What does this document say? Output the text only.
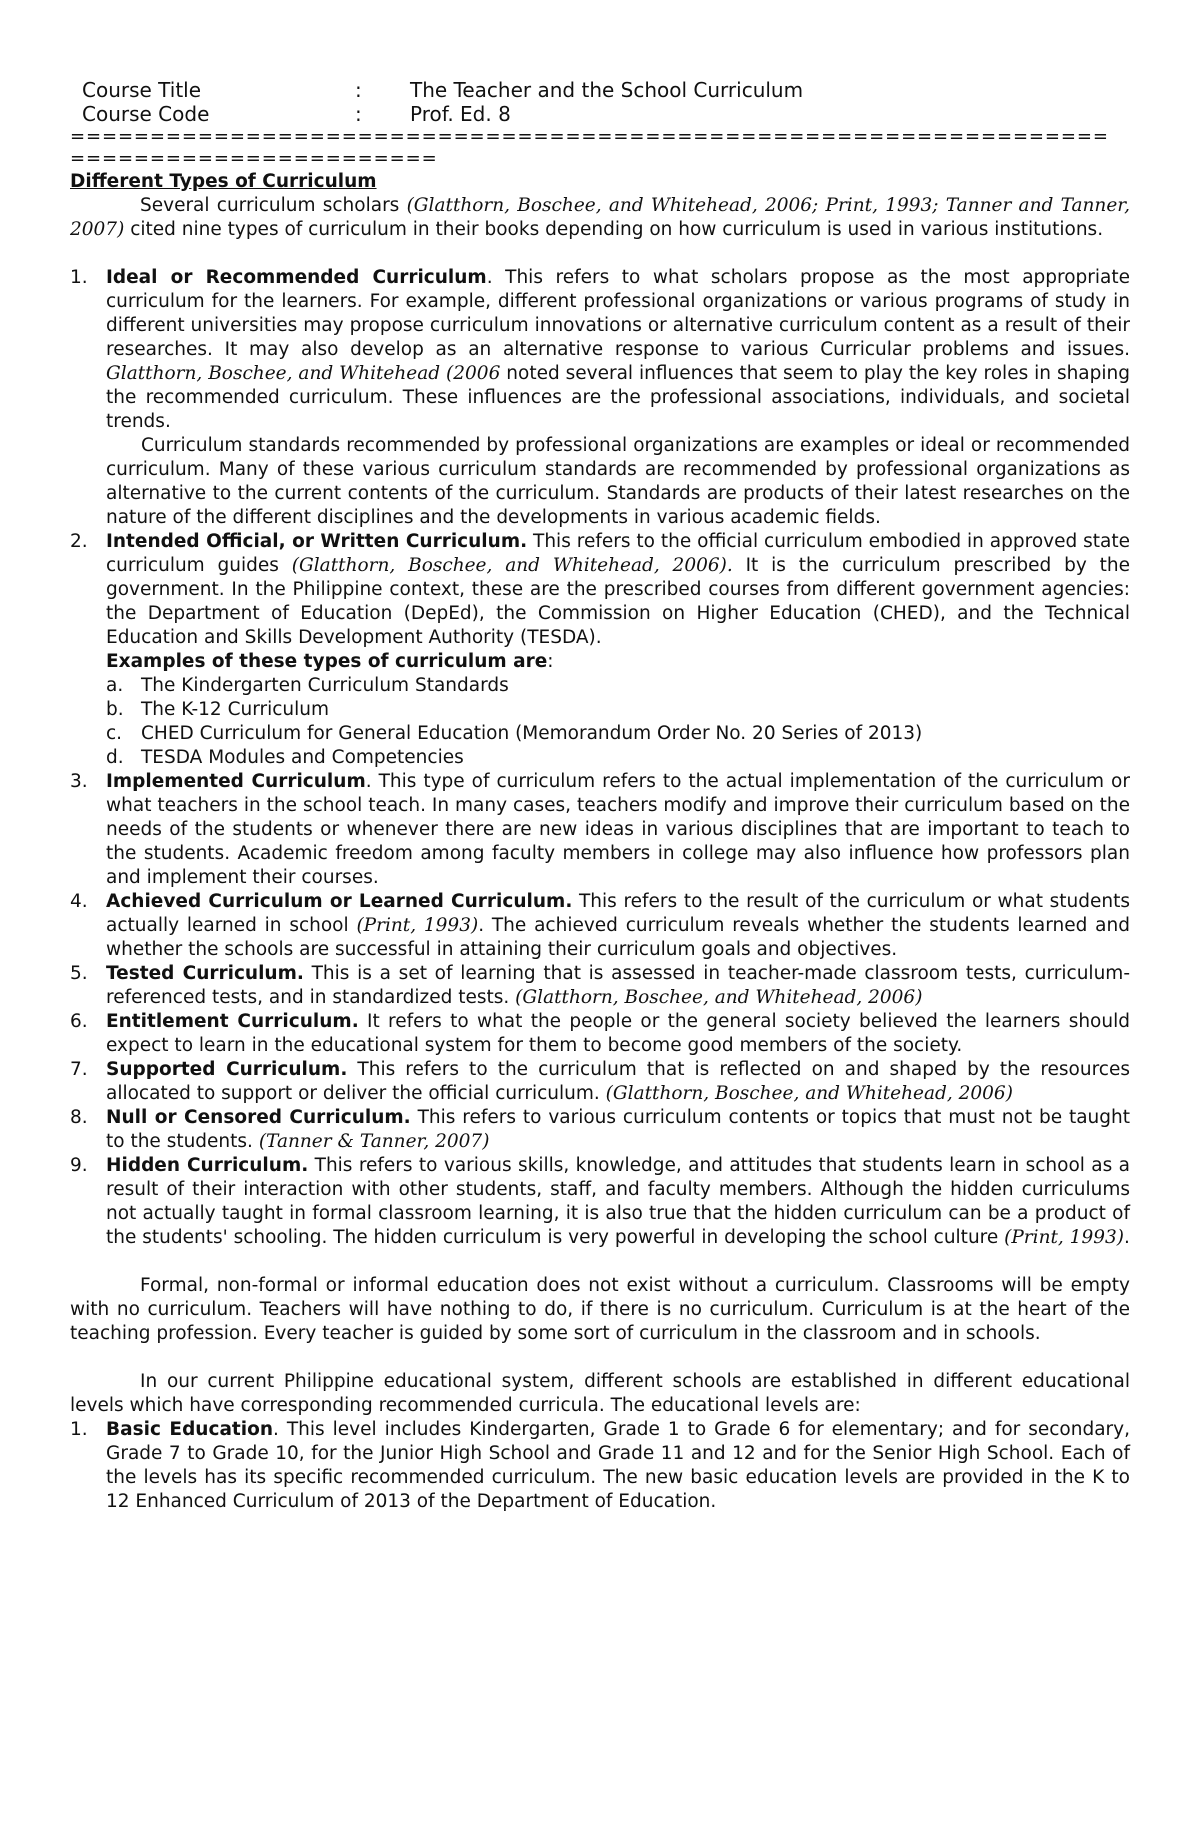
Course Title	:	The Teacher and the School Curriculum
Course Code	:	Prof. Ed. 8
=================================================================
=======================
Different Types of Curriculum
Several curriculum scholars (Glatthorn, Boschee, and Whitehead, 2006; Print, 1993; Tanner and Tanner, 2007) cited nine types of curriculum in their books depending on how curriculum is used in various institutions.
1. Ideal or Recommended Curriculum. This refers to what scholars propose as the most appropriate curriculum for the learners. For example, different professional organizations or various programs of study in different universities may propose curriculum innovations or alternative curriculum content as a result of their researches. It may also develop as an alternative response to various Curricular problems and issues. Glatthorn, Boschee, and Whitehead (2006 noted several influences that seem to play the key roles in shaping the recommended curriculum. These influences are the professional associations, individuals, and societal trends.
Curriculum standards recommended by professional organizations are examples or ideal or recommended curriculum. Many of these various curriculum standards are recommended by professional organizations as alternative to the current contents of the curriculum. Standards are products of their latest researches on the nature of the different disciplines and the developments in various academic fields.
2. Intended Official, or Written Curriculum. This refers to the official curriculum embodied in approved state curriculum guides (Glatthorn, Boschee, and Whitehead, 2006). It is the curriculum prescribed by the government. In the Philippine context, these are the prescribed courses from different government agencies: the Department of Education (DepEd), the Commission on Higher Education (CHED), and the Technical Education and Skills Development Authority (TESDA).
Examples of these types of curriculum are:
a. The Kindergarten Curriculum Standards
b. The K-12 Curriculum
c. CHED Curriculum for General Education (Memorandum Order No. 20 Series of 2013)
d. TESDA Modules and Competencies
3. Implemented Curriculum. This type of curriculum refers to the actual implementation of the curriculum or what teachers in the school teach. In many cases, teachers modify and improve their curriculum based on the needs of the students or whenever there are new ideas in various disciplines that are important to teach to the students. Academic freedom among faculty members in college may also influence how professors plan and implement their courses.
4. Achieved Curriculum or Learned Curriculum. This refers to the result of the curriculum or what students actually learned in school (Print, 1993). The achieved curriculum reveals whether the students learned and whether the schools are successful in attaining their curriculum goals and objectives.
5. Tested Curriculum. This is a set of learning that is assessed in teacher-made classroom tests, curriculum-referenced tests, and in standardized tests. (Glatthorn, Boschee, and Whitehead, 2006)
6. Entitlement Curriculum. It refers to what the people or the general society believed the learners should expect to learn in the educational system for them to become good members of the society.
7. Supported Curriculum. This refers to the curriculum that is reflected on and shaped by the resources allocated to support or deliver the official curriculum. (Glatthorn, Boschee, and Whitehead, 2006)
8. Null or Censored Curriculum. This refers to various curriculum contents or topics that must not be taught to the students. (Tanner & Tanner, 2007)
9. Hidden Curriculum. This refers to various skills, knowledge, and attitudes that students learn in school as a result of their interaction with other students, staff, and faculty members. Although the hidden curriculums not actually taught in formal classroom learning, it is also true that the hidden curriculum can be a product of the students' schooling. The hidden curriculum is very powerful in developing the school culture (Print, 1993).
Formal, non-formal or informal education does not exist without a curriculum. Classrooms will be empty with no curriculum. Teachers will have nothing to do, if there is no curriculum. Curriculum is at the heart of the teaching profession. Every teacher is guided by some sort of curriculum in the classroom and in schools.
In our current Philippine educational system, different schools are established in different educational levels which have corresponding recommended curricula. The educational levels are:
1. Basic Education. This level includes Kindergarten, Grade 1 to Grade 6 for elementary; and for secondary, Grade 7 to Grade 10, for the Junior High School and Grade 11 and 12 and for the Senior High School. Each of the levels has its specific recommended curriculum. The new basic education levels are provided in the K to 12 Enhanced Curriculum of 2013 of the Department of Education.
